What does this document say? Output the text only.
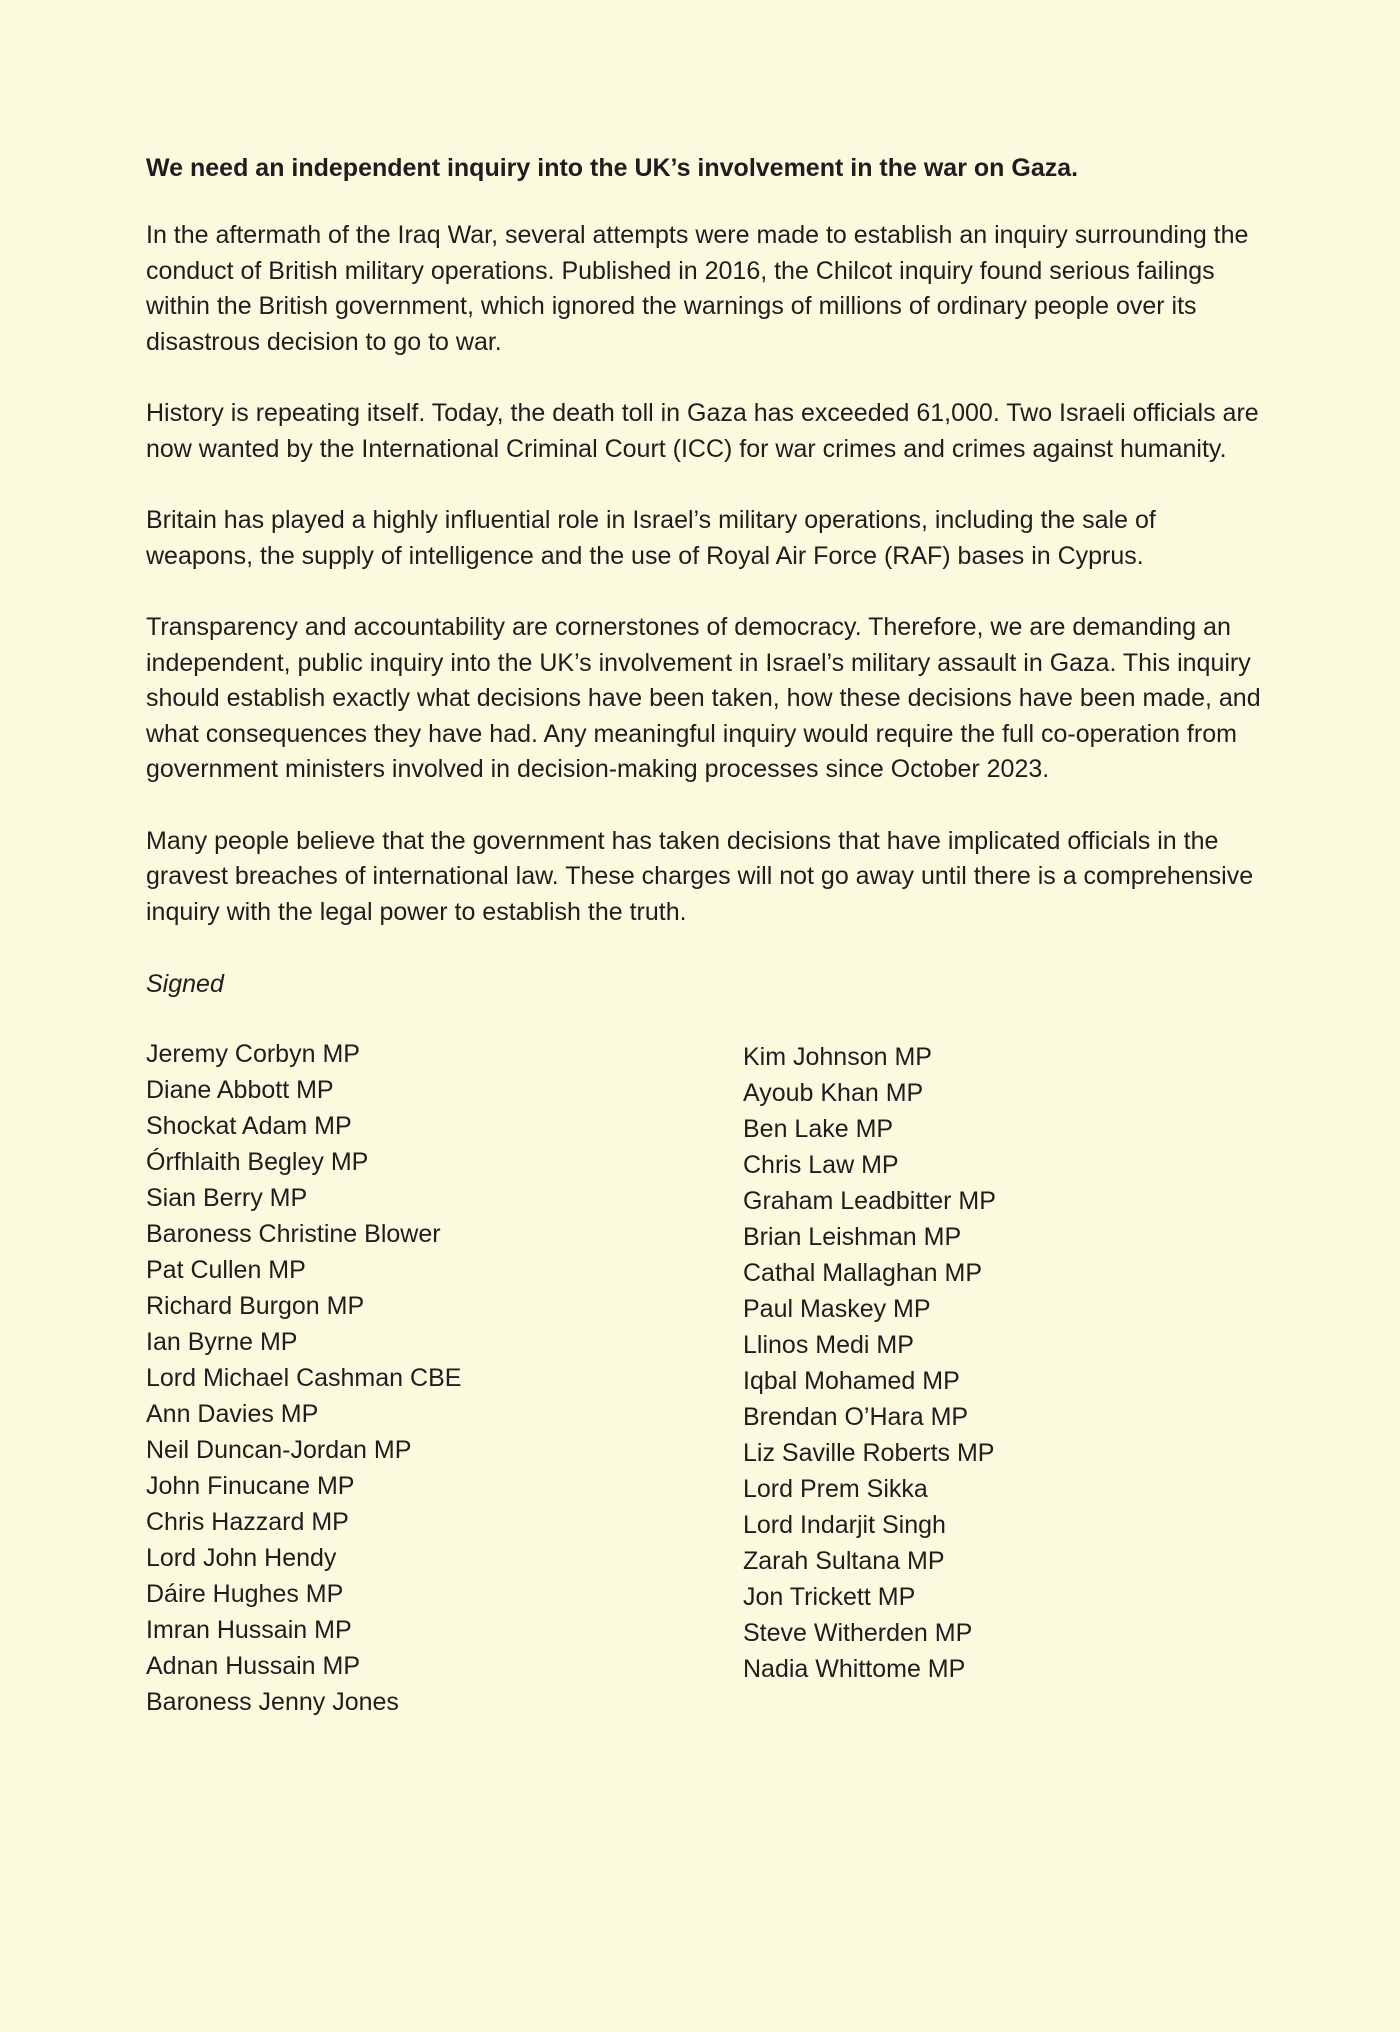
We need an independent inquiry into the UK’s involvement in the war on Gaza.
In the aftermath of the Iraq War, several attempts were made to establish an inquiry surrounding the conduct of British military operations. Published in 2016, the Chilcot inquiry found serious failings within the British government, which ignored the warnings of millions of ordinary people over its disastrous decision to go to war.
History is repeating itself. Today, the death toll in Gaza has exceeded 61,000. Two Israeli officials are now wanted by the International Criminal Court (ICC) for war crimes and crimes against humanity.
Britain has played a highly influential role in Israel’s military operations, including the sale of weapons, the supply of intelligence and the use of Royal Air Force (RAF) bases in Cyprus.
Transparency and accountability are cornerstones of democracy. Therefore, we are demanding an independent, public inquiry into the UK’s involvement in Israel’s military assault in Gaza. This inquiry should establish exactly what decisions have been taken, how these decisions have been made, and what consequences they have had. Any meaningful inquiry would require the full co-operation from government ministers involved in decision-making processes since October 2023.
Many people believe that the government has taken decisions that have implicated officials in the gravest breaches of international law. These charges will not go away until there is a comprehensive inquiry with the legal power to establish the truth.
Signed
Jeremy Corbyn MP
Diane Abbott MP
Shockat Adam MP
Órfhlaith Begley MP
Sian Berry MP
Baroness Christine Blower
Pat Cullen MP
Richard Burgon MP
Ian Byrne MP
Lord Michael Cashman CBE
Ann Davies MP
Neil Duncan-Jordan MP
John Finucane MP
Chris Hazzard MP
Lord John Hendy
Dáire Hughes MP
Imran Hussain MP
Adnan Hussain MP
Baroness Jenny Jones
Kim Johnson MP
Ayoub Khan MP
Ben Lake MP
Chris Law MP
Graham Leadbitter MP
Brian Leishman MP
Cathal Mallaghan MP
Paul Maskey MP
Llinos Medi MP
Iqbal Mohamed MP
Brendan O’Hara MP
Liz Saville Roberts MP
Lord Prem Sikka
Lord Indarjit Singh
Zarah Sultana MP
Jon Trickett MP
Steve Witherden MP
Nadia Whittome MP
